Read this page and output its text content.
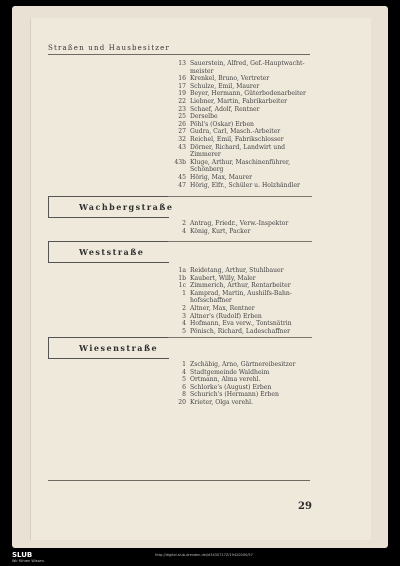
Straßen und Hausbesitzer
13 Sauerstein, Alfred, Gef.-Hauptwacht-
meister
16 Krenkel, Bruno, Vertreter
17 Schulze, Emil, Maurer
19 Beyer, Hermann, Güterbodenarbeiter
22 Liebner, Martin, Fabrikarbeiter
23 Schaef, Adolf, Rentner
25 Derselbe
26 Pöhl's (Oskar) Erben
27 Gudra, Carl, Masch.-Arbeiter
32 Reichel, Emil, Fabrikschlosser
43 Dörner, Richard, Landwirt und
Zimmerer
43b Kluge, Arthur, Maschinenführer,
Schönberg
45 Hörig, Max, Maurer
47 Hörig, Elfr., Schüler u. Holzhändler
Wachbergstraße
2 Antrag, Friedr., Verw.-Inspektor
4 König, Kurt, Packer
Weststraße
1a Reidetang, Arthur, Stuhlbauer
1b Kaubert, Willy, Maler
1c Zimmerich, Arthur, Rentarbeiter
1 Kamprad, Martin, Aushilfs-Bahn-
hofsschaffner
2 Altner, Max, Rentner
3 Altner's (Rudolf) Erben
4 Hofmann, Eva verw., Tontsnätrin
5 Pönisch, Richard, Ladeschaffner
Wiesenstraße
1 Zschäbig, Arno, Gärtnereibesitzer
4 Stadtgemeinde Waldheim
5 Ortmann, Alma verehl.
6 Schlorke's (August) Erben
8 Schurich's (Hermann) Erben
20 Krieter, Olga verehl.
29
SLUB
Wir führen Wissen.
http://digital.slub-dresden.de/id3430727Z/19420000/57
